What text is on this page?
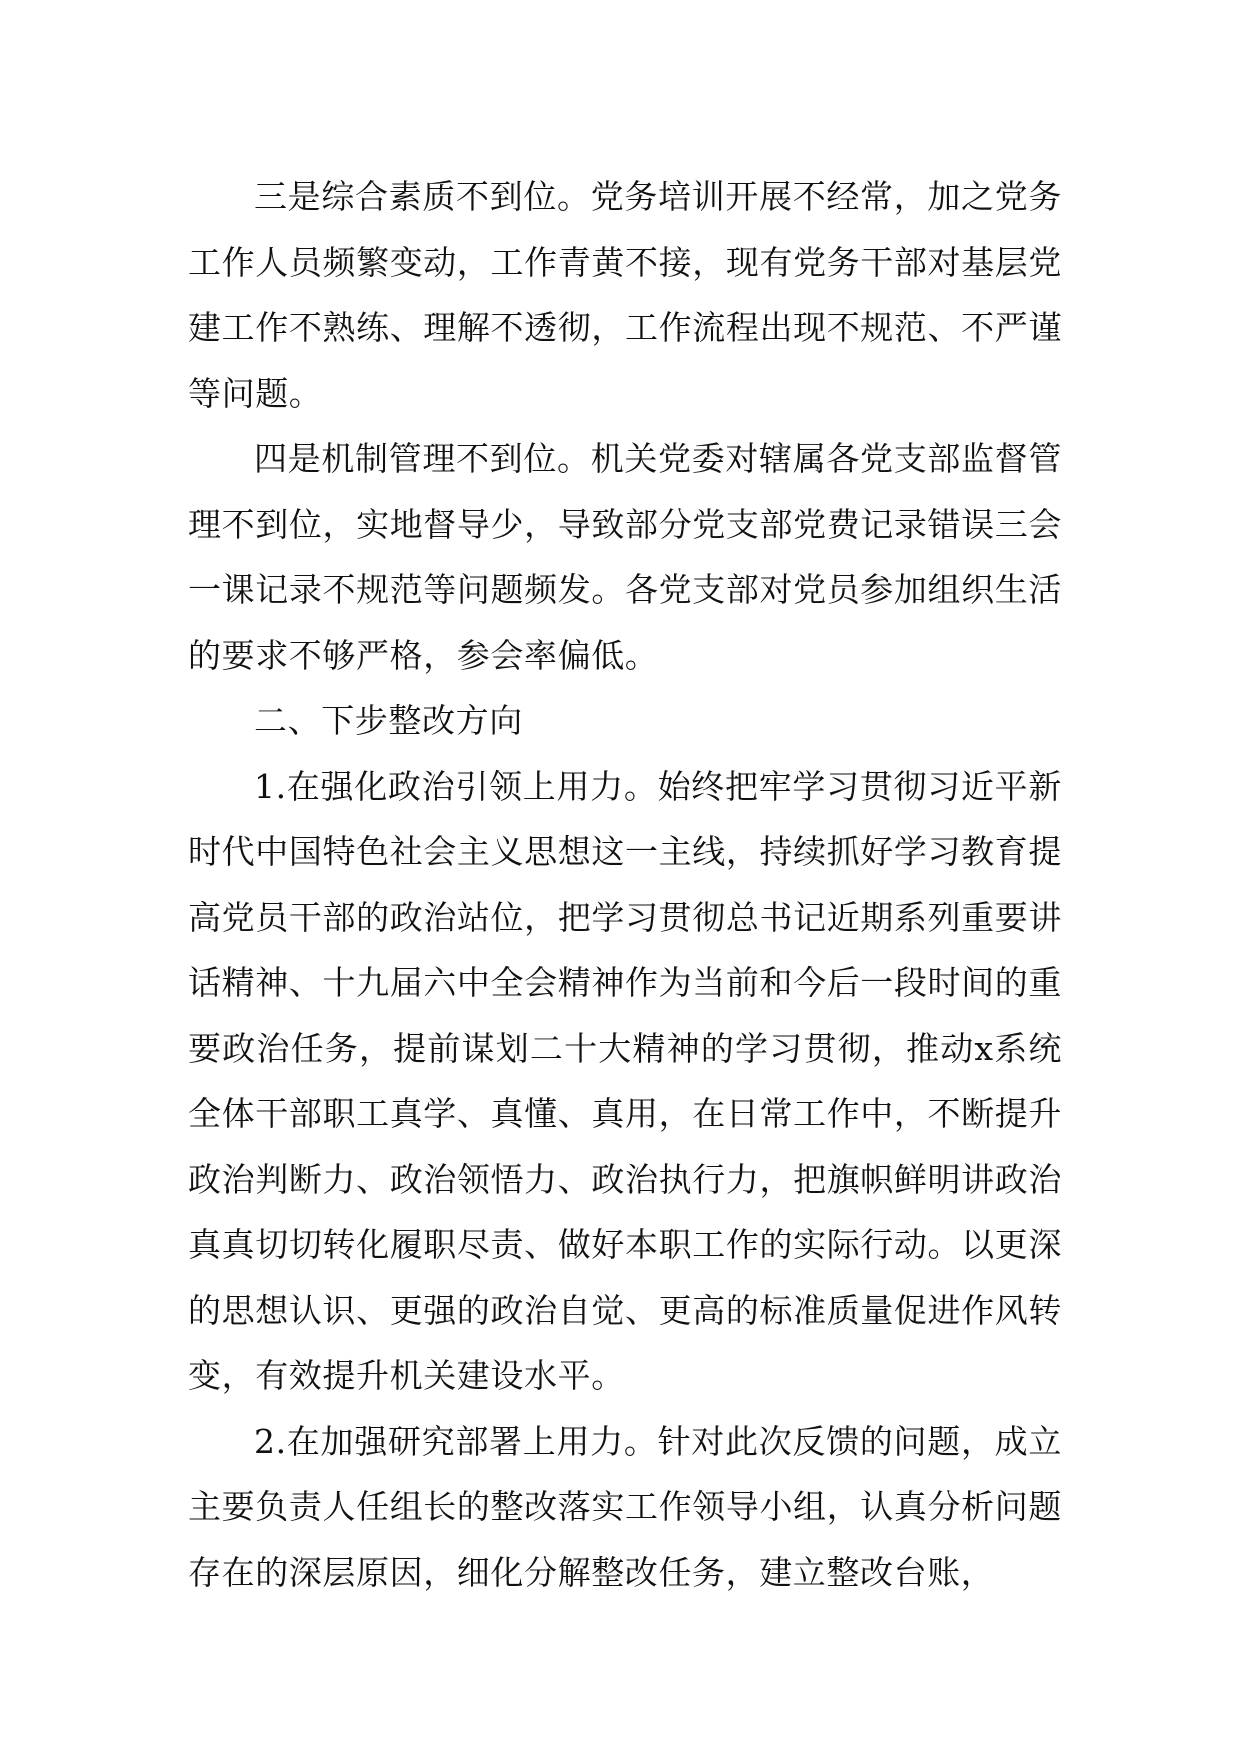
三是综合素质不到位。党务培训开展不经常，加之党务工作人员频繁变动，工作青黄不接，现有党务干部对基层党建工作不熟练、理解不透彻，工作流程出现不规范、不严谨等问题。

四是机制管理不到位。机关党委对辖属各党支部监督管理不到位，实地督导少，导致部分党支部党费记录错误三会一课记录不规范等问题频发。各党支部对党员参加组织生活的要求不够严格，参会率偏低。

二、下步整改方向

1.在强化政治引领上用力。始终把牢学习贯彻习近平新时代中国特色社会主义思想这一主线，持续抓好学习教育提高党员干部的政治站位，把学习贯彻总书记近期系列重要讲话精神、十九届六中全会精神作为当前和今后一段时间的重要政治任务，提前谋划二十大精神的学习贯彻，推动x系统全体干部职工真学、真懂、真用，在日常工作中，不断提升政治判断力、政治领悟力、政治执行力，把旗帜鲜明讲政治真真切切转化履职尽责、做好本职工作的实际行动。以更深的思想认识、更强的政治自觉、更高的标准质量促进作风转变，有效提升机关建设水平。

2.在加强研究部署上用力。针对此次反馈的问题，成立主要负责人任组长的整改落实工作领导小组，认真分析问题存在的深层原因，细化分解整改任务，建立整改台账，
